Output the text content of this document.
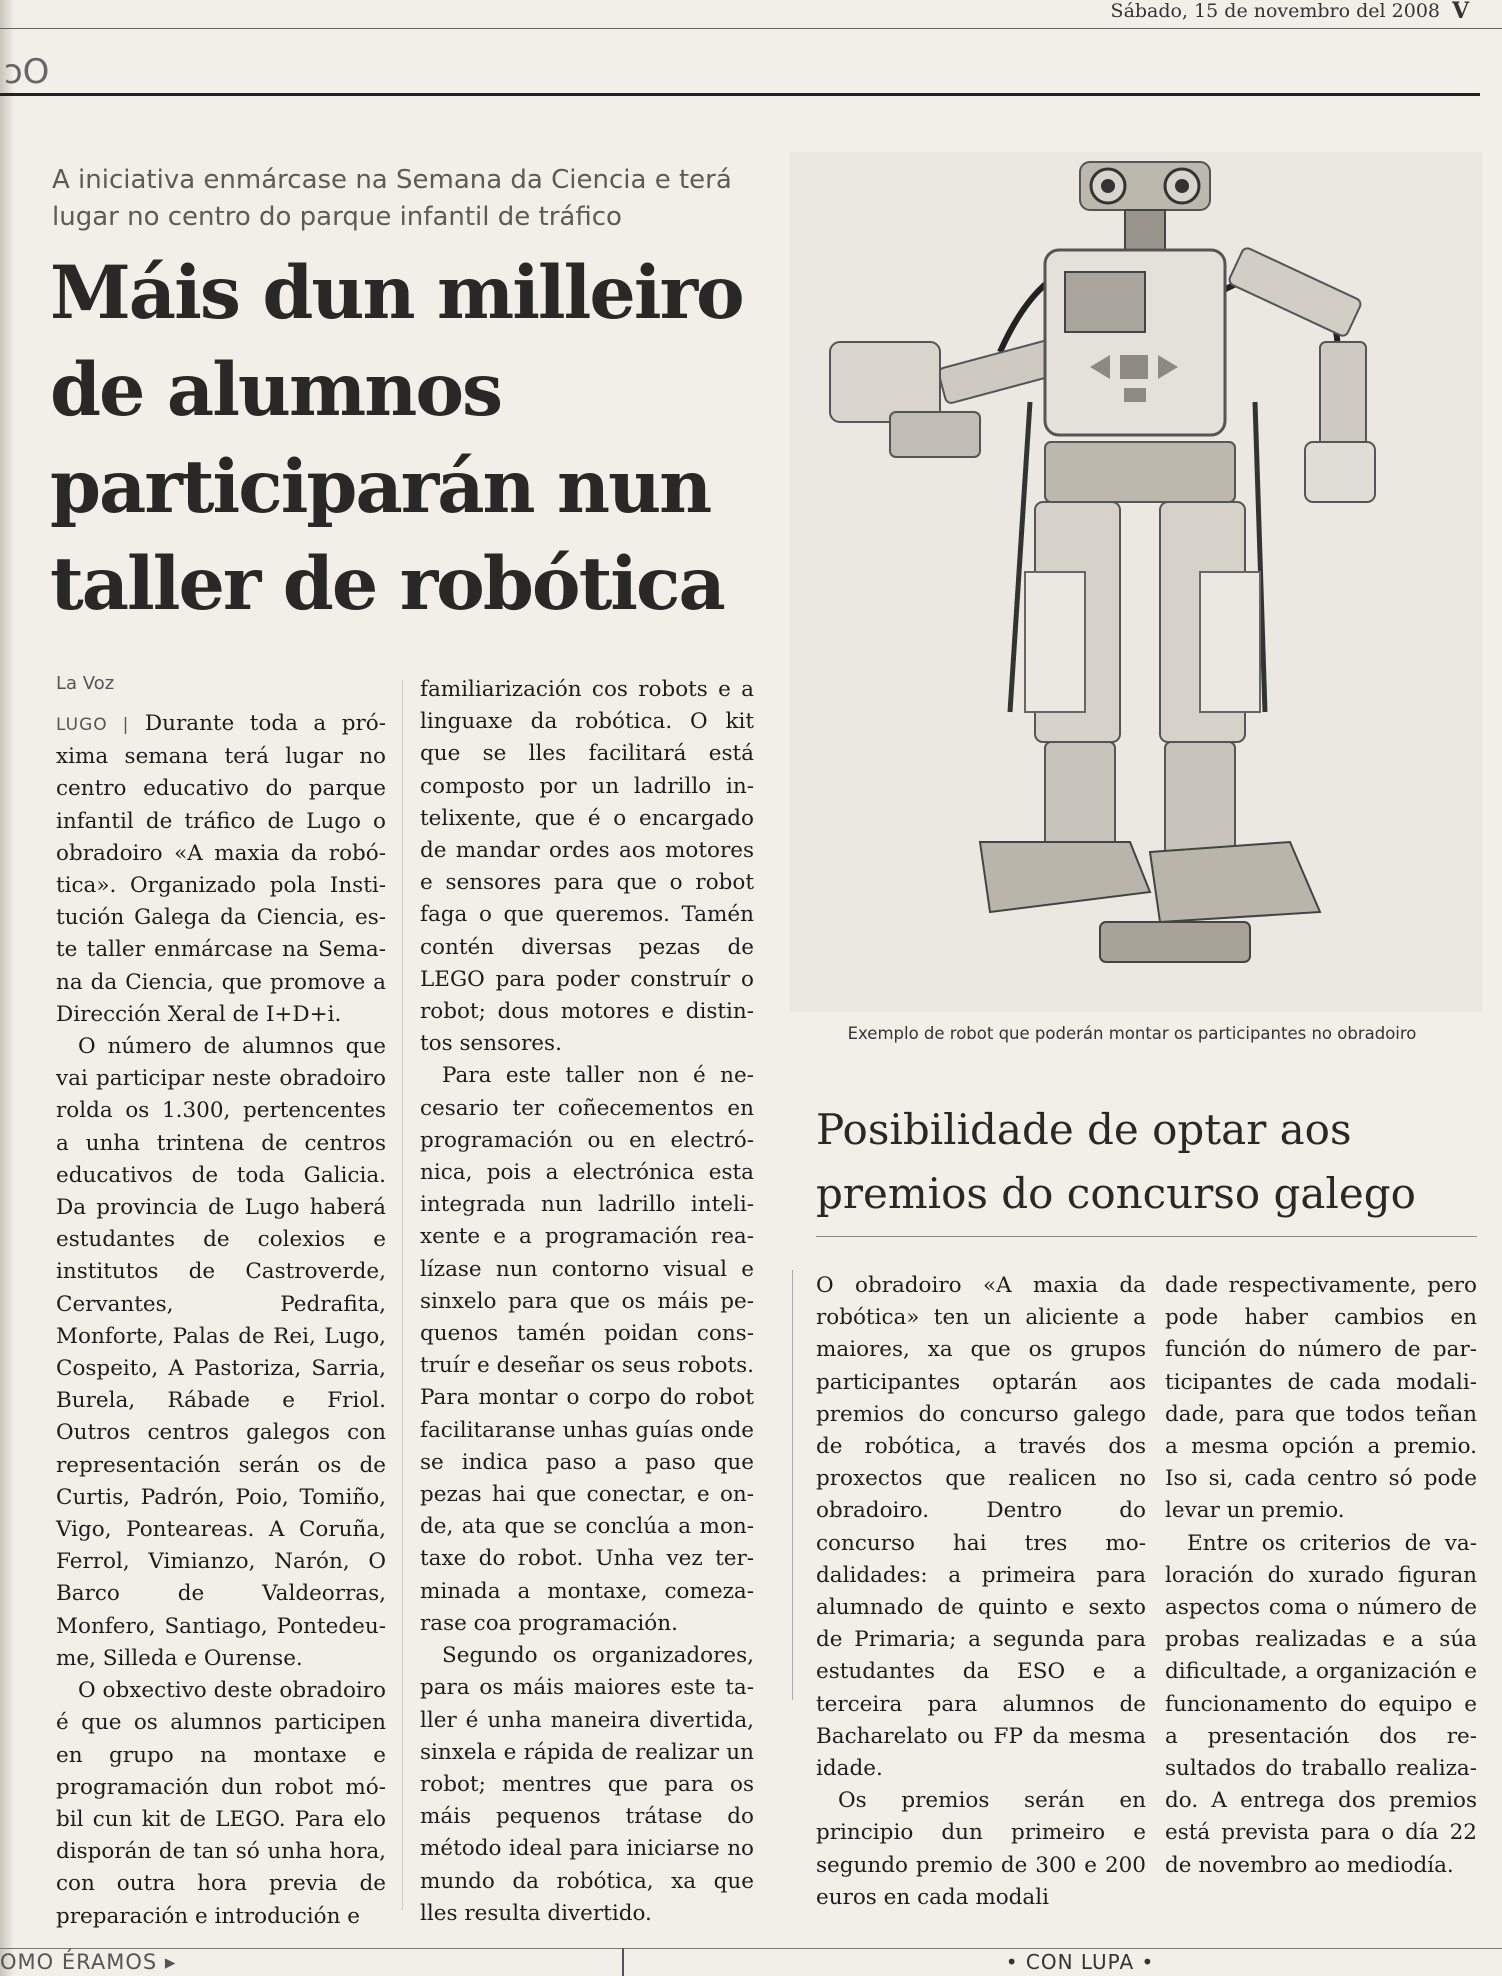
Sábado, 15 de novembro del 2008 V
ɔO
A iniciativa enmárcase na Semana da Ciencia e terá lugar no centro do parque infantil de tráfico
Máis dun milleiro de alumnos participarán nun taller de robótica
La Voz

LUGO | Durante toda a próxima semana terá lugar no centro educativo do parque infantil de tráfico de Lugo o obradoiro «A maxia da robótica». Organizado pola Institución Galega da Ciencia, este taller enmárcase na Semana da Ciencia, que promove a Dirección Xeral de I+D+i.

O número de alumnos que vai participar neste obradoiro rolda os 1.300, pertencentes a unha trintena de centros educativos de toda Galicia. Da provincia de Lugo haberá estudantes de colexios e institutos de Castroverde, Cervantes, Pedrafita, Monforte, Palas de Rei, Lugo, Cospeito, A Pastoriza, Sarria, Burela, Rábade e Friol. Outros centros galegos con representación serán os de Curtis, Padrón, Poio, Tomiño, Vigo, Ponteareas. A Coruña, Ferrol, Vimianzo, Narón, O Barco de Valdeorras, Monfero, Santiago, Pontedeume, Silleda e Ourense.

O obxectivo deste obradoiro é que os alumnos participen en grupo na montaxe e programación dun robot móbil cun kit de LEGO. Para elo disporán de tan só unha hora, con outra hora previa de preparación e introdución e

familiarización cos robots e a linguaxe da robótica. O kit que se lles facilitará está composto por un ladrillo intelixente, que é o encargado de mandar ordes aos motores e sensores para que o robot faga o que queremos. Tamén contén diversas pezas de LEGO para poder construír o robot; dous motores e distintos sensores.

Para este taller non é necesario ter coñecementos en programación ou en electrónica, pois a electrónica esta integrada nun ladrillo intelixente e a programación realízase nun contorno visual e sinxelo para que os máis pequenos tamén poidan construír e deseñar os seus robots. Para montar o corpo do robot facilitaranse unhas guías onde se indica paso a paso que pezas hai que conectar, e onde, ata que se conclúa a montaxe do robot. Unha vez terminada a montaxe, comezarase coa programación.

Segundo os organizadores, para os máis maiores este taller é unha maneira divertida, sinxela e rápida de realizar un robot; mentres que para os máis pequenos trátase do método ideal para iniciarse no mundo da robótica, xa que lles resulta divertido.

Exemplo de robot que poderán montar os participantes no obradoiro
Posibilidade de optar aos premios do concurso galego

O obradoiro «A maxia da robótica» ten un aliciente a maiores, xa que os grupos participantes optarán aos premios do concurso galego de robótica, a través dos proxectos que realicen no obradoiro. Dentro do concurso hai tres modalidades: a primeira para alumnado de quinto e sexto de Primaria; a segunda para estudantes da ESO e a terceira para alumnos de Bacharelato ou FP da mesma idade.

Os premios serán en principio dun primeiro e segundo premio de 300 e 200 euros en cada modali

dade respectivamente, pero pode haber cambios en función do número de participantes de cada modalidade, para que todos teñan a mesma opción a premio. Iso si, cada centro só pode levar un premio.

Entre os criterios de valoración do xurado figuran aspectos coma o número de probas realizadas e a súa dificultade, a organización e funcionamento do equipo e a presentación dos resultados do traballo realizado. A entrega dos premios está prevista para o día 22 de novembro ao mediodía.

OMO ÉRAMOS ▸	• CON LUPA •
